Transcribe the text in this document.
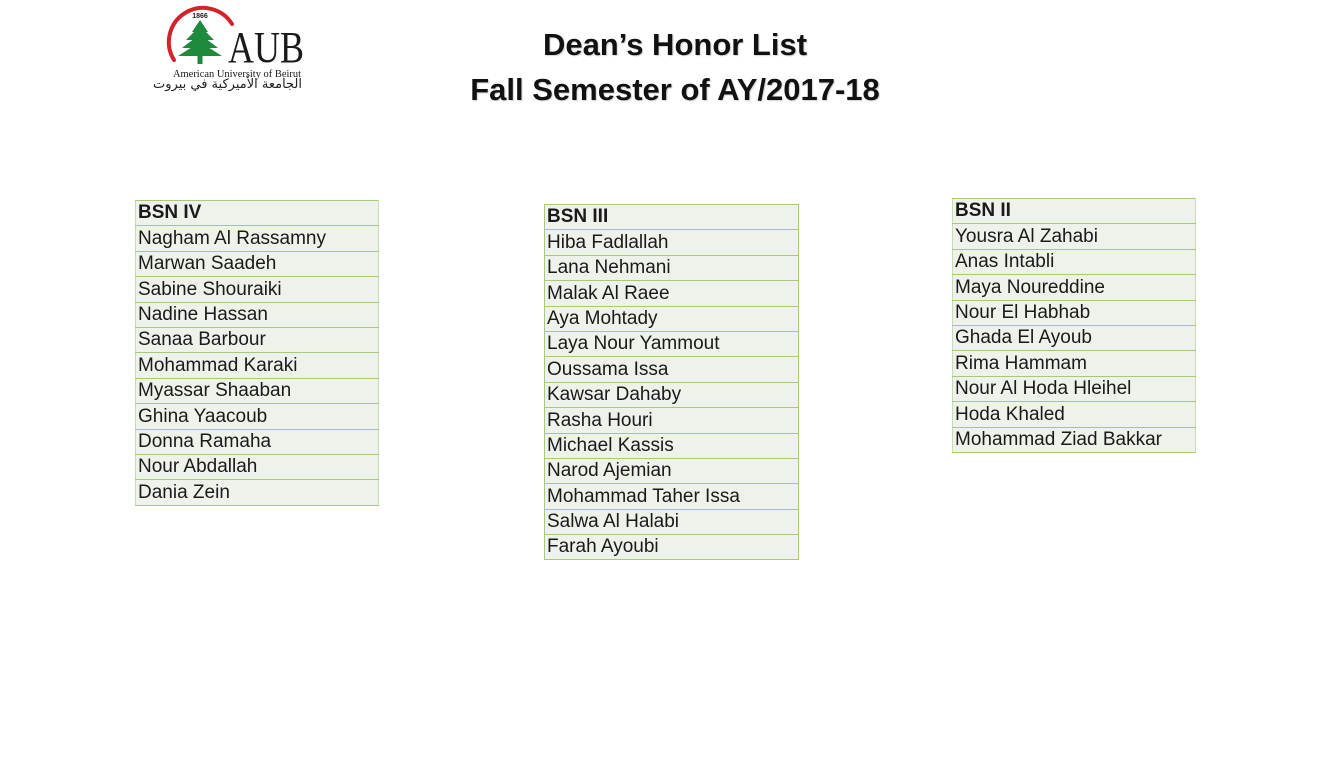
1866
AUB
American University of Beirut
الجامعة الأميركية في بيروت
Dean’s Honor List
Fall Semester of AY/2017-18
BSN IV
Nagham Al Rassamny
Marwan Saadeh
Sabine Shouraiki
Nadine Hassan
Sanaa Barbour
Mohammad Karaki
Myassar Shaaban
Ghina Yaacoub
Donna Ramaha
Nour Abdallah
Dania Zein
BSN III
Hiba Fadlallah
Lana Nehmani
Malak Al Raee
Aya Mohtady
Laya Nour Yammout
Oussama Issa
Kawsar Dahaby
Rasha Houri
Michael Kassis
Narod Ajemian
Mohammad Taher Issa
Salwa Al Halabi
Farah Ayoubi
BSN II
Yousra Al Zahabi
Anas Intabli
Maya Noureddine
Nour El Habhab
Ghada El Ayoub
Rima Hammam
Nour Al Hoda Hleihel
Hoda Khaled
Mohammad Ziad Bakkar
